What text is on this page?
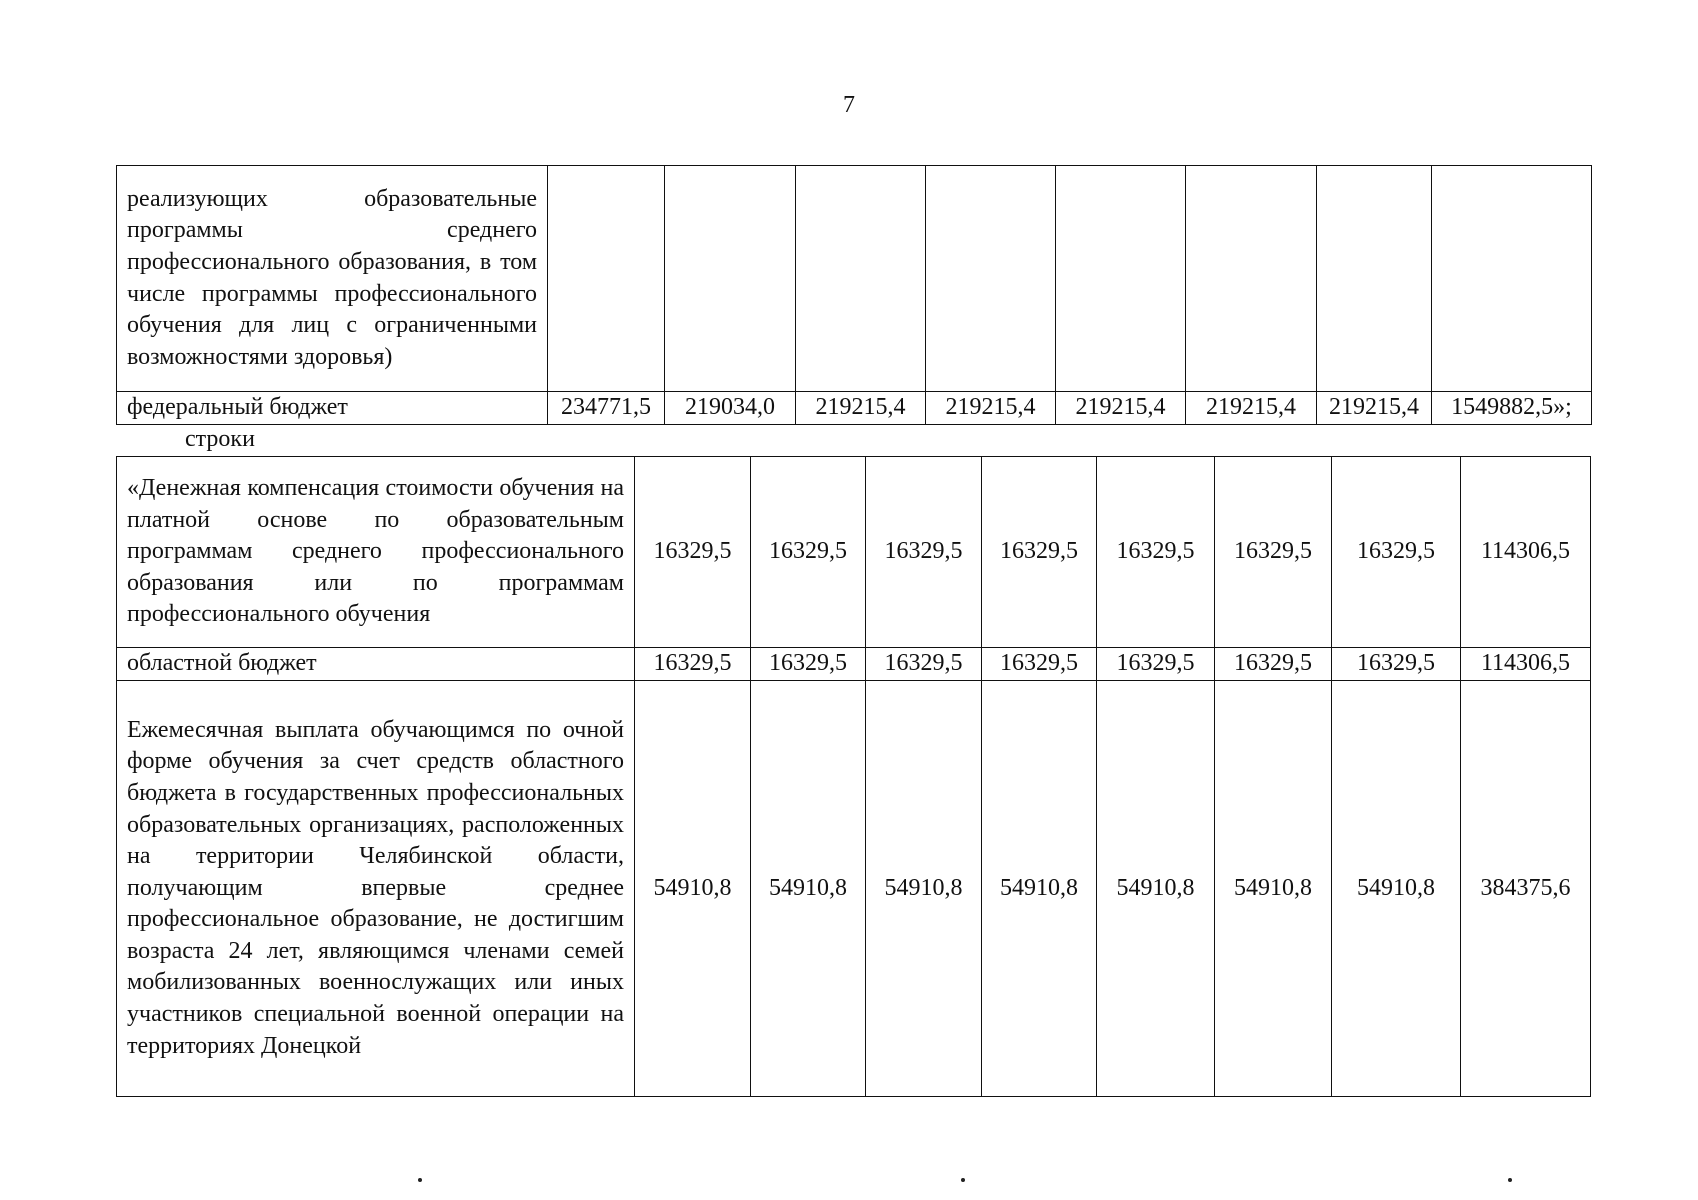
7
реализующих образовательные программы среднего профессионального образования, в том числе программы профессионального обучения для лиц с ограниченными возможностями здоровья)								
федеральный бюджет	234771,5	219034,0	219215,4	219215,4	219215,4	219215,4	219215,4	1549882,5»;
строки
«Денежная компенсация стоимости обучения на платной основе по образовательным программам среднего профессионального образования или по программам профессионального обучения	16329,5	16329,5	16329,5	16329,5	16329,5	16329,5	16329,5	114306,5
областной бюджет	16329,5	16329,5	16329,5	16329,5	16329,5	16329,5	16329,5	114306,5
Ежемесячная выплата обучающимся по очной форме обучения за счет средств областного бюджета в государственных профессиональных образовательных организациях, расположенных на территории Челябинской области, получающим впервые среднее профессиональное образование, не достигшим возраста 24 лет, являющимся членами семей мобилизованных военнослужащих или иных участников специальной военной операции на территориях Донецкой	54910,8	54910,8	54910,8	54910,8	54910,8	54910,8	54910,8	384375,6
